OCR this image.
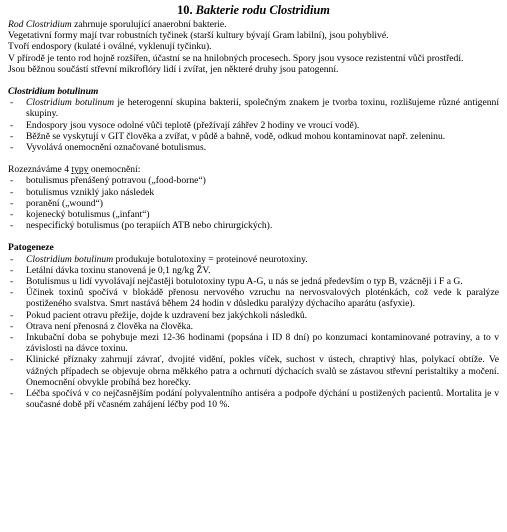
10. Bakterie rodu Clostridium

Rod Clostridium zahrnuje sporulující anaerobní bakterie.

Vegetativní formy mají tvar robustních tyčinek (starší kultury bývají Gram labilní), jsou pohyblivé.

Tvoří endospory (kulaté i oválné, vyklenují tyčinku).

V přírodě je tento rod hojně rozšířen, účastní se na hnilobných procesech. Spory jsou vysoce rezistentní vůči prostředí.

Jsou běžnou součástí střevní mikroflóry lidí i zvířat, jen některé druhy jsou patogenní.

Clostridium botulinum
- Clostridium botulinum je heterogenní skupina bakterií, společným znakem je tvorba toxinu, rozlišujeme různé antigenní skupiny.
- Endospory jsou vysoce odolné vůči teplotě (přežívají záhřev 2 hodiny ve vroucí vodě).
- Běžně se vyskytují v GIT člověka a zvířat, v půdě a bahně, vodě, odkud mohou kontaminovat např. zeleninu.
- Vyvolává onemocnění označované botulismus.

Rozeznáváme 4 typy onemocnění:

- botulismus přenášený potravou („food-borne“)
- botulismus vzniklý jako následek
- poranění („wound“)
- kojenecký botulismus („infant“)
- nespecifický botulismus (po terapiích ATB nebo chirurgických).
Patogeneze
- Clostridium botulinum produkuje botulotoxiny = proteinové neurotoxiny.
- Letální dávka toxinu stanovená je 0,1 ng/kg ŽV.
- Botulismus u lidí vyvolávají nejčastěji botulotoxiny typu A-G, u nás se jedná především o typ B, vzácněji i F a G.
- Účinek toxinů spočívá v blokádě přenosu nervového vzruchu na nervosvalových ploténkách, což vede k paralýze postiženého svalstva. Smrt nastává během 24 hodin v důsledku paralýzy dýchacího aparátu (asfyxie).
- Pokud pacient otravu přežije, dojde k uzdravení bez jakýchkoli následků.
- Otrava není přenosná z člověka na člověka.
- Inkubační doba se pohybuje mezi 12-36 hodinami (popsána i ID 8 dní) po konzumaci kontaminované potraviny, a to v závislosti na dávce toxinu.
- Klinické příznaky zahrnují závrať, dvojité vidění, pokles víček, suchost v ústech, chraptivý hlas, polykací obtíže. Ve vážných případech se objevuje obrna měkkého patra a ochrnutí dýchacích svalů se zástavou střevní peristaltiky a močení. Onemocnění obvykle probíhá bez horečky.
- Léčba spočívá v co nejčasnějším podání polyvalentního antiséra a podpoře dýchání u postižených pacientů. Mortalita je v současné době při včasném zahájení léčby pod 10 %.
